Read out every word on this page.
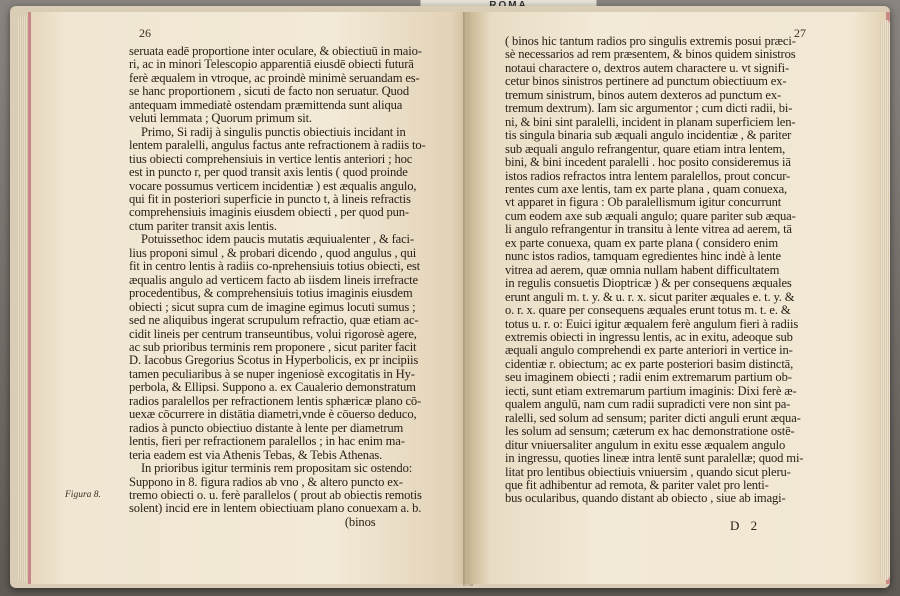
26
seruata eadē proportione inter oculare, & obiectiuū in maio-
ri, ac in minori Telescopio apparentiā eiusdē obiecti futurā
ferè æqualem in vtroque, ac proindè minimè seruandam es-
se hanc proportionem , sicuti de facto non seruatur. Quod
antequam immediatè ostendam præmittenda sunt aliqua
veluti lemmata ; Quorum primum sit.
Primo, Si radij à singulis punctis obiectiuis incidant in
lentem paralelli, angulus factus ante refractionem à radiis to-
tius obiecti comprehensiuis in vertice lentis anteriori ; hoc
est in puncto r, per quod transit axis lentis ( quod proinde
vocare possumus verticem incidentiæ ) est æqualis angulo,
qui fit in posteriori superficie in puncto t, à lineis refractis
comprehensiuis imaginis eiusdem obiecti , per quod pun-
ctum pariter transit axis lentis.
Potuissethoc idem paucis mutatis æquiualenter , & faci-
lius proponi simul , & probari dicendo , quod angulus , qui
fit in centro lentis à radiis co-nprehensiuis totius obiecti, est
æqualis angulo ad verticem facto ab iisdem lineis irrefracte
procedentibus, & comprehensiuis totius imaginis eiusdem
obiecti ; sicut supra cum de imagine egimus locuti sumus ;
sed ne aliquibus ingerat scrupulum refractio, quæ etiam ac-
cidit lineis per centrum transeuntibus, volui rigorosè agere,
ac sub prioribus terminis rem proponere , sicut pariter facit
D. Iacobus Gregorius Scotus in Hyperbolicis, ex pr incipiis
tamen peculiaribus à se nuper ingeniosè excogitatis in Hy-
perbola, & Ellipsi. Suppono a. ex Caualerio demonstratum
radios paralellos per refractionem lentis sphæricæ plano cō-
uexæ cōcurrere in distātia diametri,vnde è cōuerso deduco,
radios à puncto obiectiuo distante à lente per diametrum
lentis, fieri per refractionem paralellos ; in hac enim ma-
teria eadem est via Athenis Tebas, & Tebis Athenas.
In prioribus igitur terminis rem propositam sic ostendo:
Suppono in 8. figura radios ab vno , & altero puncto ex-
tremo obiecti o. u. ferè parallelos ( prout ab obiectis remotis
solent) incid ere in lentem obiectiuam plano conuexam a. b.
(binos
Figura 8.
27
( binos hic tantum radios pro singulis extremis posui præci-
sè necessarios ad rem præsentem, & binos quidem sinistros
notaui charactere o, dextros autem charactere u. vt signifi-
cetur binos sinistros pertinere ad punctum obiectiuum ex-
tremum sinistrum, binos autem dexteros ad punctum ex-
tremum dextrum). Iam sic argumentor ; cum dicti radii, bi-
ni, & bini sint paralelli, incident in planam superficiem len-
tis singula binaria sub æquali angulo incidentiæ , & pariter
sub æquali angulo refrangentur, quare etiam intra lentem,
bini, & bini incedent paralelli . hoc posito consideremus iā
istos radios refractos intra lentem paralellos, prout concur-
rentes cum axe lentis, tam ex parte plana , quam conuexa,
vt apparet in figura : Ob paralellismum igitur concurrunt
cum eodem axe sub æquali angulo; quare pariter sub æqua-
li angulo refrangentur in transitu à lente vitrea ad aerem, tā
ex parte conuexa, quam ex parte plana ( considero enim
nunc istos radios, tamquam egredientes hinc indè à lente
vitrea ad aerem, quæ omnia nullam habent difficultatem
in regulis consuetis Dioptricæ ) & per consequens æquales
erunt anguli m. t. y. & u. r. x. sicut pariter æquales e. t. y. &
o. r. x. quare per consequens æquales erunt totus m. t. e. &
totus u. r. o: Euici igitur æqualem ferè angulum fieri à radiis
extremis obiecti in ingressu lentis, ac in exitu, adeoque sub
æquali angulo comprehendi ex parte anteriori in vertice in-
cidentiæ r. obiectum; ac ex parte posteriori basim distinctā,
seu imaginem obiecti ; radii enim extremarum partium ob-
iecti, sunt etiam extremarum partium imaginis: Dixi ferè æ-
qualem angulū, nam cum radii supradicti vere non sint pa-
ralelli, sed solum ad sensum; pariter dicti anguli erunt æqua-
les solum ad sensum; cæterum ex hac demonstratione ostē-
ditur vniuersaliter angulum in exitu esse æqualem angulo
in ingressu, quoties lineæ intra lentē sunt paralellæ; quod mi-
litat pro lentibus obiectiuis vniuersim , quando sicut pleru-
que fit adhibentur ad remota, & pariter valet pro lenti-
bus ocularibus, quando distant ab obiecto , siue ab imagi-
D 2
